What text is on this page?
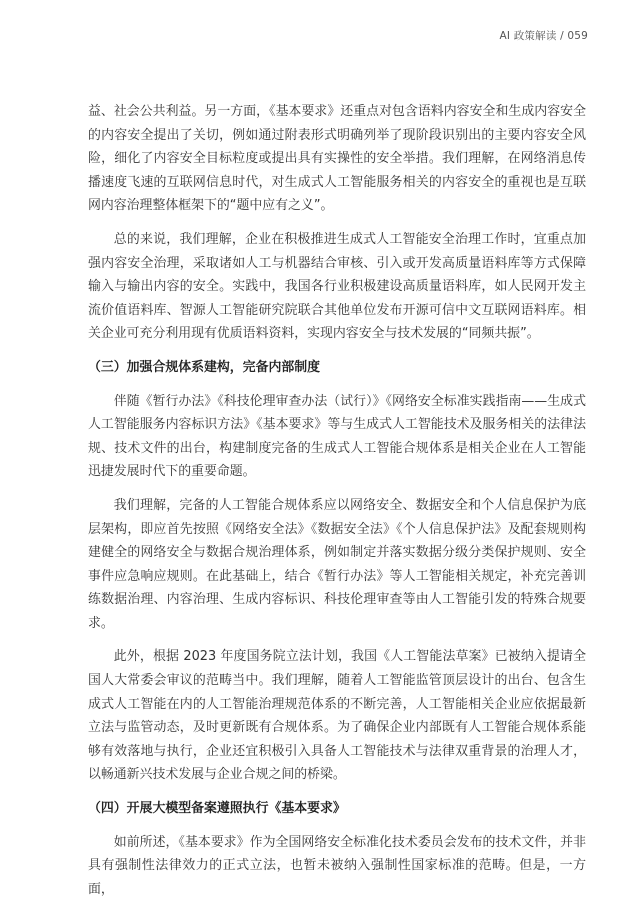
AI 政策解读 / 059

益、社会公共利益。另一方面，《基本要求》还重点对包含语料内容安全和生成内容安全的内容安全提出了关切，例如通过附表形式明确列举了现阶段识别出的主要内容安全风险，细化了内容安全目标粒度或提出具有实操性的安全举措。我们理解，在网络消息传播速度飞速的互联网信息时代，对生成式人工智能服务相关的内容安全的重视也是互联网内容治理整体框架下的“题中应有之义”。

总的来说，我们理解，企业在积极推进生成式人工智能安全治理工作时，宜重点加强内容安全治理，采取诸如人工与机器结合审核、引入或开发高质量语料库等方式保障输入与输出内容的安全。实践中，我国各行业积极建设高质量语料库，如人民网开发主流价值语料库、智源人工智能研究院联合其他单位发布开源可信中文互联网语料库。相关企业可充分利用现有优质语料资料，实现内容安全与技术发展的“同频共振”。

（三）加强合规体系建构，完备内部制度

伴随《暂行办法》《科技伦理审查办法（试行）》《网络安全标准实践指南——生成式人工智能服务内容标识方法》《基本要求》等与生成式人工智能技术及服务相关的法律法规、技术文件的出台，构建制度完备的生成式人工智能合规体系是相关企业在人工智能迅捷发展时代下的重要命题。

我们理解，完备的人工智能合规体系应以网络安全、数据安全和个人信息保护为底层架构，即应首先按照《网络安全法》《数据安全法》《个人信息保护法》及配套规则构建健全的网络安全与数据合规治理体系，例如制定并落实数据分级分类保护规则、安全事件应急响应规则。在此基础上，结合《暂行办法》等人工智能相关规定，补充完善训练数据治理、内容治理、生成内容标识、科技伦理审查等由人工智能引发的特殊合规要求。

此外，根据 2023 年度国务院立法计划，我国《人工智能法草案》已被纳入提请全国人大常委会审议的范畴当中。我们理解，随着人工智能监管顶层设计的出台、包含生成式人工智能在内的人工智能治理规范体系的不断完善，人工智能相关企业应依据最新立法与监管动态，及时更新既有合规体系。为了确保企业内部既有人工智能合规体系能够有效落地与执行，企业还宜积极引入具备人工智能技术与法律双重背景的治理人才，以畅通新兴技术发展与企业合规之间的桥梁。

（四）开展大模型备案遵照执行《基本要求》

如前所述，《基本要求》作为全国网络安全标准化技术委员会发布的技术文件，并非具有强制性法律效力的正式立法，也暂未被纳入强制性国家标准的范畴。但是，一方面，
